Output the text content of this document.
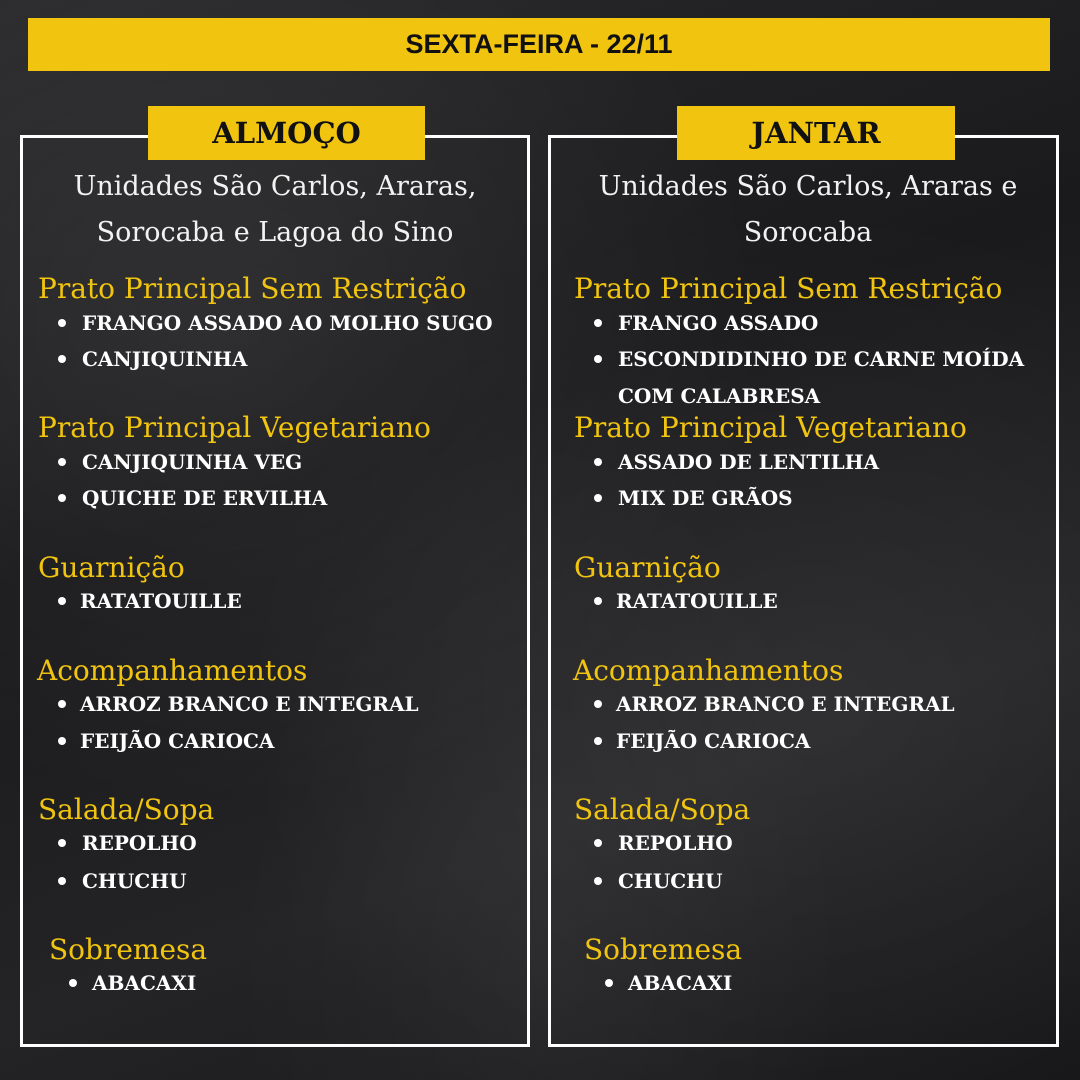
SEXTA-FEIRA - 22/11
ALMOÇO	JANTAR
Unidades São Carlos, Araras,
Sorocaba e Lagoa do Sino
Unidades São Carlos, Araras e
Sorocaba
Prato Principal Sem Restrição
FRANGO ASSADO AO MOLHO SUGO
CANJIQUINHA
Prato Principal Vegetariano
CANJIQUINHA VEG
QUICHE DE ERVILHA
Guarnição
RATATOUILLE
Acompanhamentos
ARROZ BRANCO E INTEGRAL
FEIJÃO CARIOCA
Salada/Sopa
REPOLHO
CHUCHU
Sobremesa
ABACAXI
Prato Principal Sem Restrição
FRANGO ASSADO
ESCONDIDINHO DE CARNE MOÍDA
COM CALABRESA
Prato Principal Vegetariano
ASSADO DE LENTILHA
MIX DE GRÃOS
Guarnição
RATATOUILLE
Acompanhamentos
ARROZ BRANCO E INTEGRAL
FEIJÃO CARIOCA
Salada/Sopa
REPOLHO
CHUCHU
Sobremesa
ABACAXI
